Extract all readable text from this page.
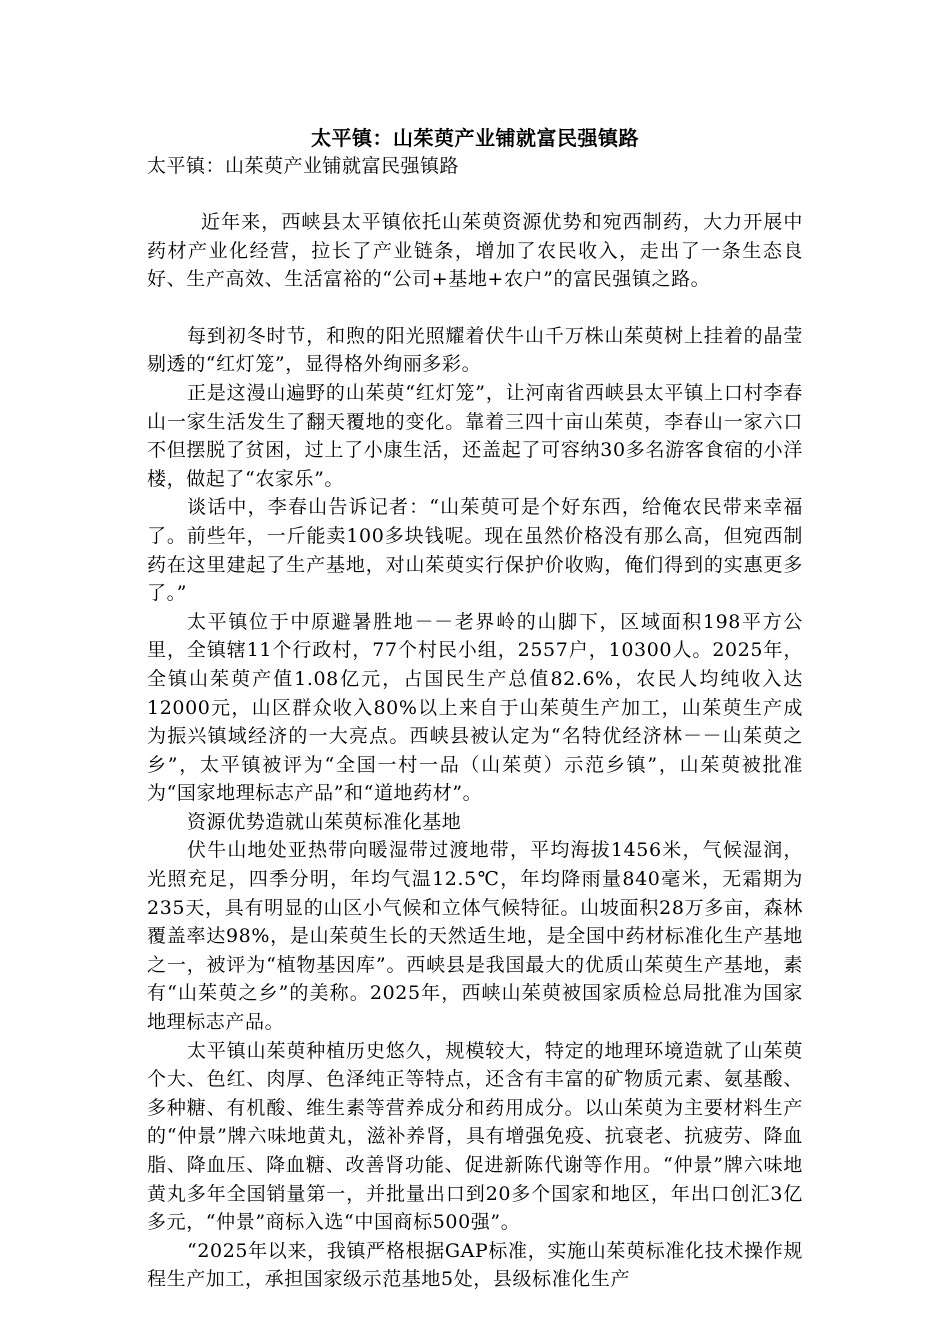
太平镇：山茱萸产业铺就富民强镇路

太平镇：山茱萸产业铺就富民强镇路

近年来，西峡县太平镇依托山茱萸资源优势和宛西制药，大力开展中药材产业化经营，拉长了产业链条，增加了农民收入，走出了一条生态良好、生产高效、生活富裕的“公司+基地+农户”的富民强镇之路。

每到初冬时节，和煦的阳光照耀着伏牛山千万株山茱萸树上挂着的晶莹剔透的“红灯笼”，显得格外绚丽多彩。

正是这漫山遍野的山茱萸“红灯笼”，让河南省西峡县太平镇上口村李春山一家生活发生了翻天覆地的变化。靠着三四十亩山茱萸，李春山一家六口不但摆脱了贫困，过上了小康生活，还盖起了可容纳30多名游客食宿的小洋楼，做起了“农家乐”。

谈话中，李春山告诉记者：“山茱萸可是个好东西，给俺农民带来幸福了。前些年，一斤能卖100多块钱呢。现在虽然价格没有那么高，但宛西制药在这里建起了生产基地，对山茱萸实行保护价收购，俺们得到的实惠更多了。”

太平镇位于中原避暑胜地－－老界岭的山脚下，区域面积198平方公里，全镇辖11个行政村，77个村民小组，2557户，10300人。2025年，全镇山茱萸产值1.08亿元，占国民生产总值82.6%，农民人均纯收入达12000元，山区群众收入80%以上来自于山茱萸生产加工，山茱萸生产成为振兴镇域经济的一大亮点。西峡县被认定为“名特优经济林－－山茱萸之乡”，太平镇被评为“全国一村一品（山茱萸）示范乡镇”，山茱萸被批准为“国家地理标志产品”和“道地药材”。

资源优势造就山茱萸标准化基地

伏牛山地处亚热带向暖湿带过渡地带，平均海拔1456米，气候湿润，光照充足，四季分明，年均气温12.5℃，年均降雨量840毫米，无霜期为235天，具有明显的山区小气候和立体气候特征。山坡面积28万多亩，森林覆盖率达98%，是山茱萸生长的天然适生地，是全国中药材标准化生产基地之一，被评为“植物基因库”。西峡县是我国最大的优质山茱萸生产基地，素有“山茱萸之乡”的美称。2025年，西峡山茱萸被国家质检总局批准为国家地理标志产品。

太平镇山茱萸种植历史悠久，规模较大，特定的地理环境造就了山茱萸个大、色红、肉厚、色泽纯正等特点，还含有丰富的矿物质元素、氨基酸、多种糖、有机酸、维生素等营养成分和药用成分。以山茱萸为主要材料生产的“仲景”牌六味地黄丸，滋补养肾，具有增强免疫、抗衰老、抗疲劳、降血脂、降血压、降血糖、改善肾功能、促进新陈代谢等作用。“仲景”牌六味地黄丸多年全国销量第一，并批量出口到20多个国家和地区，年出口创汇3亿多元，“仲景”商标入选“中国商标500强”。

“2025年以来，我镇严格根据GAP标准，实施山茱萸标准化技术操作规程生产加工，承担国家级示范基地5处，县级标准化生产
